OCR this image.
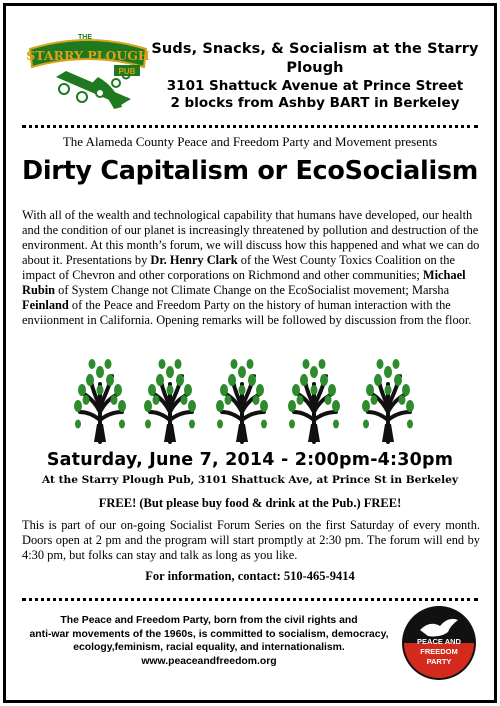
THE
STARRY PLOUGH
PUB
Suds, Snacks, & Socialism at the Starry Plough
3101 Shattuck Avenue at Prince Street
2 blocks from Ashby BART in Berkeley
The Alameda County Peace and Freedom Party and Movement presents
Dirty Capitalism or EcoSocialism
With all of the wealth and technological capability that humans have developed, our health and the condition of our planet is increasingly threatened by pollution and destruction of the environment. At this month’s forum, we will discuss how this happened and what we can do about it. Presentations by Dr. Henry Clark of the West County Toxics Coalition on the impact of Chevron and other corporations on Richmond and other communities; Michael Rubin of System Change not Climate Change on the EcoSocialist movement; Marsha Feinland of the Peace and Freedom Party on the history of human interaction with the enviionment in California. Opening remarks will be followed by discussion from the floor.
Saturday, June 7, 2014 - 2:00pm-4:30pm
At the Starry Plough Pub, 3101 Shattuck Ave, at Prince St in Berkeley
FREE! (But please buy food & drink at the Pub.) FREE!
This is part of our on-going Socialist Forum Series on the first Saturday of every month. Doors open at 2 pm and the program will start promptly at 2:30 pm. The forum will end by 4:30 pm, but folks can stay and talk as long as you like.
For information, contact: 510-465-9414
The Peace and Freedom Party, born from the civil rights and
anti-war movements of the 1960s, is committed to socialism, democracy,
ecology,feminism, racial equality, and internationalism.
www.peaceandfreedom.org
PEACE AND
FREEDOM
PARTY
